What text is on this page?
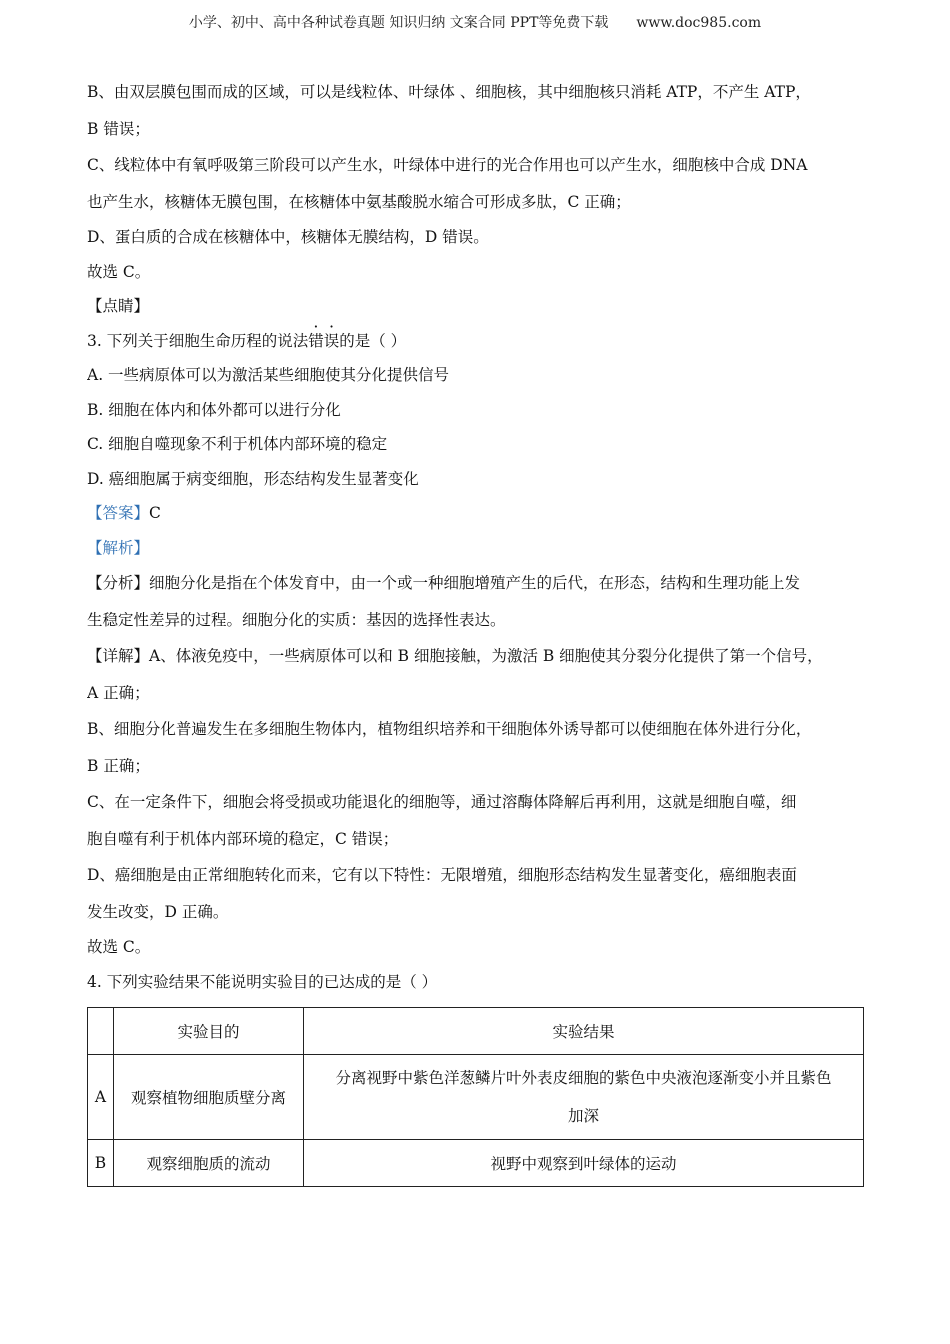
小学、初中、高中各种试卷真题 知识归纳 文案合同 PPT等免费下载 www.doc985.com
B、由双层膜包围而成的区域，可以是线粒体、叶绿体 、细胞核，其中细胞核只消耗 ATP，不产生 ATP，
B 错误；
C、线粒体中有氧呼吸第三阶段可以产生水，叶绿体中进行的光合作用也可以产生水，细胞核中合成 DNA
也产生水，核糖体无膜包围，在核糖体中氨基酸脱水缩合可形成多肽，C 正确；
D、蛋白质的合成在核糖体中，核糖体无膜结构，D 错误。
故选 C。
【点睛】
3. 下列关于细胞生命历程的说法错误的是（ ）
A. 一些病原体可以为激活某些细胞使其分化提供信号
B. 细胞在体内和体外都可以进行分化
C. 细胞自噬现象不利于机体内部环境的稳定
D. 癌细胞属于病变细胞，形态结构发生显著变化
【答案】C
【解析】
【分析】细胞分化是指在个体发育中，由一个或一种细胞增殖产生的后代，在形态，结构和生理功能上发
生稳定性差异的过程。细胞分化的实质：基因的选择性表达。
【详解】A、体液免疫中，一些病原体可以和 B 细胞接触，为激活 B 细胞使其分裂分化提供了第一个信号，
A 正确；
B、细胞分化普遍发生在多细胞生物体内，植物组织培养和干细胞体外诱导都可以使细胞在体外进行分化，
B 正确；
C、在一定条件下，细胞会将受损或功能退化的细胞等，通过溶酶体降解后再利用，这就是细胞自噬，细
胞自噬有利于机体内部环境的稳定，C 错误；
D、癌细胞是由正常细胞转化而来，它有以下特性：无限增殖，细胞形态结构发生显著变化，癌细胞表面
发生改变，D 正确。
故选 C。
4. 下列实验结果不能说明实验目的已达成的是（ ）
	实验目的	实验结果
A	观察植物细胞质壁分离	分离视野中紫色洋葱鳞片叶外表皮细胞的紫色中央液泡逐渐变小并且紫色
加深

B	观察细胞质的流动	视野中观察到叶绿体的运动
